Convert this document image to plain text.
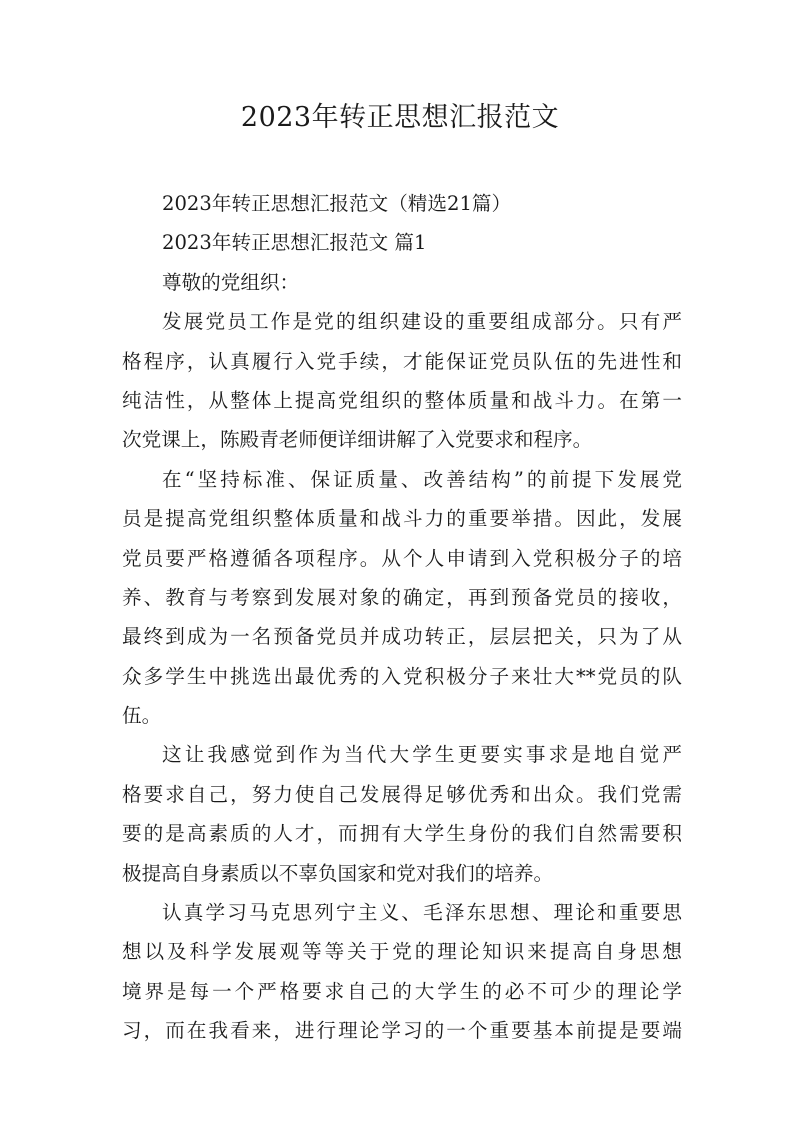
2023年转正思想汇报范文
2023年转正思想汇报范文（精选21篇）
2023年转正思想汇报范文 篇1
尊敬的党组织：
发展党员工作是党的组织建设的重要组成部分。只有严
格程序，认真履行入党手续，才能保证党员队伍的先进性和
纯洁性，从整体上提高党组织的整体质量和战斗力。在第一
次党课上，陈殿青老师便详细讲解了入党要求和程序。
在“坚持标准、保证质量、改善结构”的前提下发展党
员是提高党组织整体质量和战斗力的重要举措。因此，发展
党员要严格遵循各项程序。从个人申请到入党积极分子的培
养、教育与考察到发展对象的确定，再到预备党员的接收，
最终到成为一名预备党员并成功转正，层层把关，只为了从
众多学生中挑选出最优秀的入党积极分子来壮大**党员的队
伍。
这让我感觉到作为当代大学生更要实事求是地自觉严
格要求自己，努力使自己发展得足够优秀和出众。我们党需
要的是高素质的人才，而拥有大学生身份的我们自然需要积
极提高自身素质以不辜负国家和党对我们的培养。
认真学习马克思列宁主义、毛泽东思想、理论和重要思
想以及科学发展观等等关于党的理论知识来提高自身思想
境界是每一个严格要求自己的大学生的必不可少的理论学
习，而在我看来，进行理论学习的一个重要基本前提是要端
